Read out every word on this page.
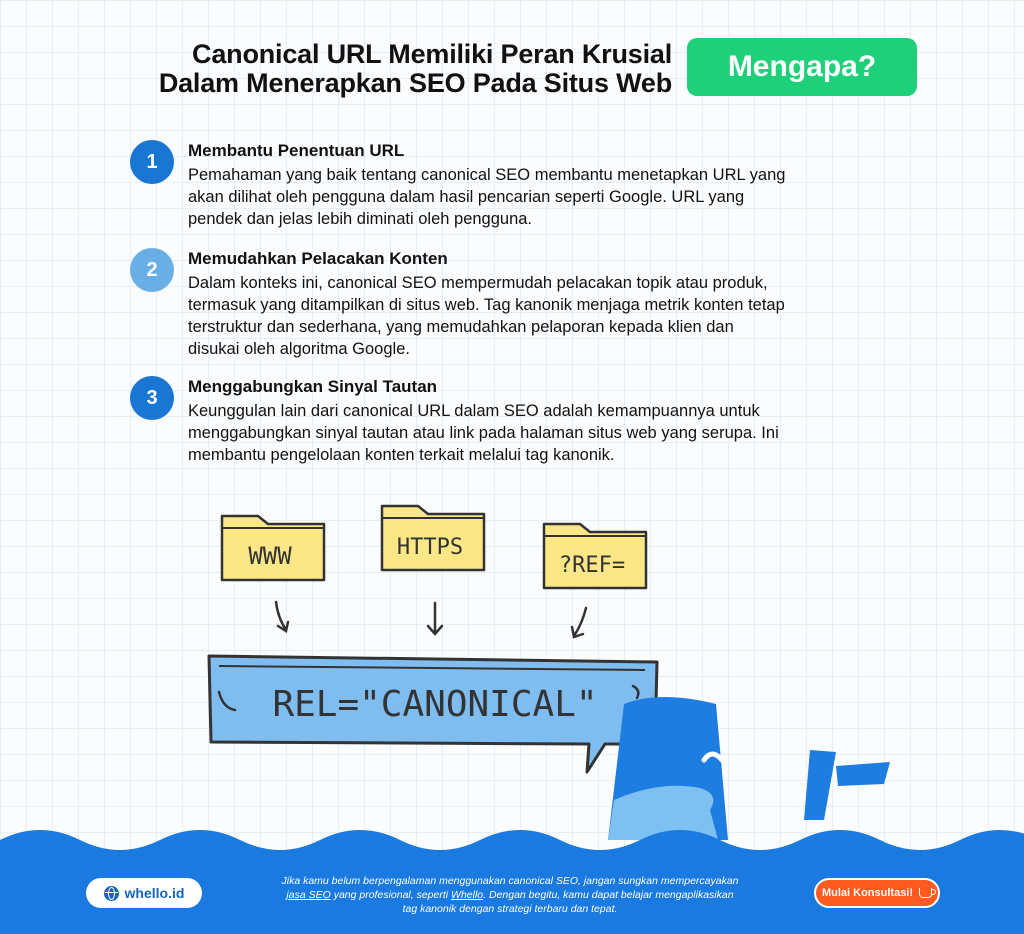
Canonical URL Memiliki Peran Krusial
Dalam Menerapkan SEO Pada Situs Web	Mengapa?
1

Membantu Penentuan URL

Pemahaman yang baik tentang canonical SEO membantu menetapkan URL yang akan dilihat oleh pengguna dalam hasil pencarian seperti Google. URL yang pendek dan jelas lebih diminati oleh pengguna.

2

Memudahkan Pelacakan Konten

Dalam konteks ini, canonical SEO mempermudah pelacakan topik atau produk, termasuk yang ditampilkan di situs web. Tag kanonik menjaga metrik konten tetap terstruktur dan sederhana, yang memudahkan pelaporan kepada klien dan disukai oleh algoritma Google.

3

Menggabungkan Sinyal Tautan

Keunggulan lain dari canonical URL dalam SEO adalah kemampuannya untuk menggabungkan sinyal tautan atau link pada halaman situs web yang serupa. Ini membantu pengelolaan konten terkait melalui tag kanonik.

WWW	HTTPS
?REF=
REL="CANONICAL"
whello.id
Jika kamu belum berpengalaman menggunakan canonical SEO, jangan sungkan mempercayakan
jasa SEO yang profesional, seperti Whello. Dengan begitu, kamu dapat belajar mengaplikasikan
tag kanonik dengan strategi terbaru dan tepat.
Mulai Konsultasi!
